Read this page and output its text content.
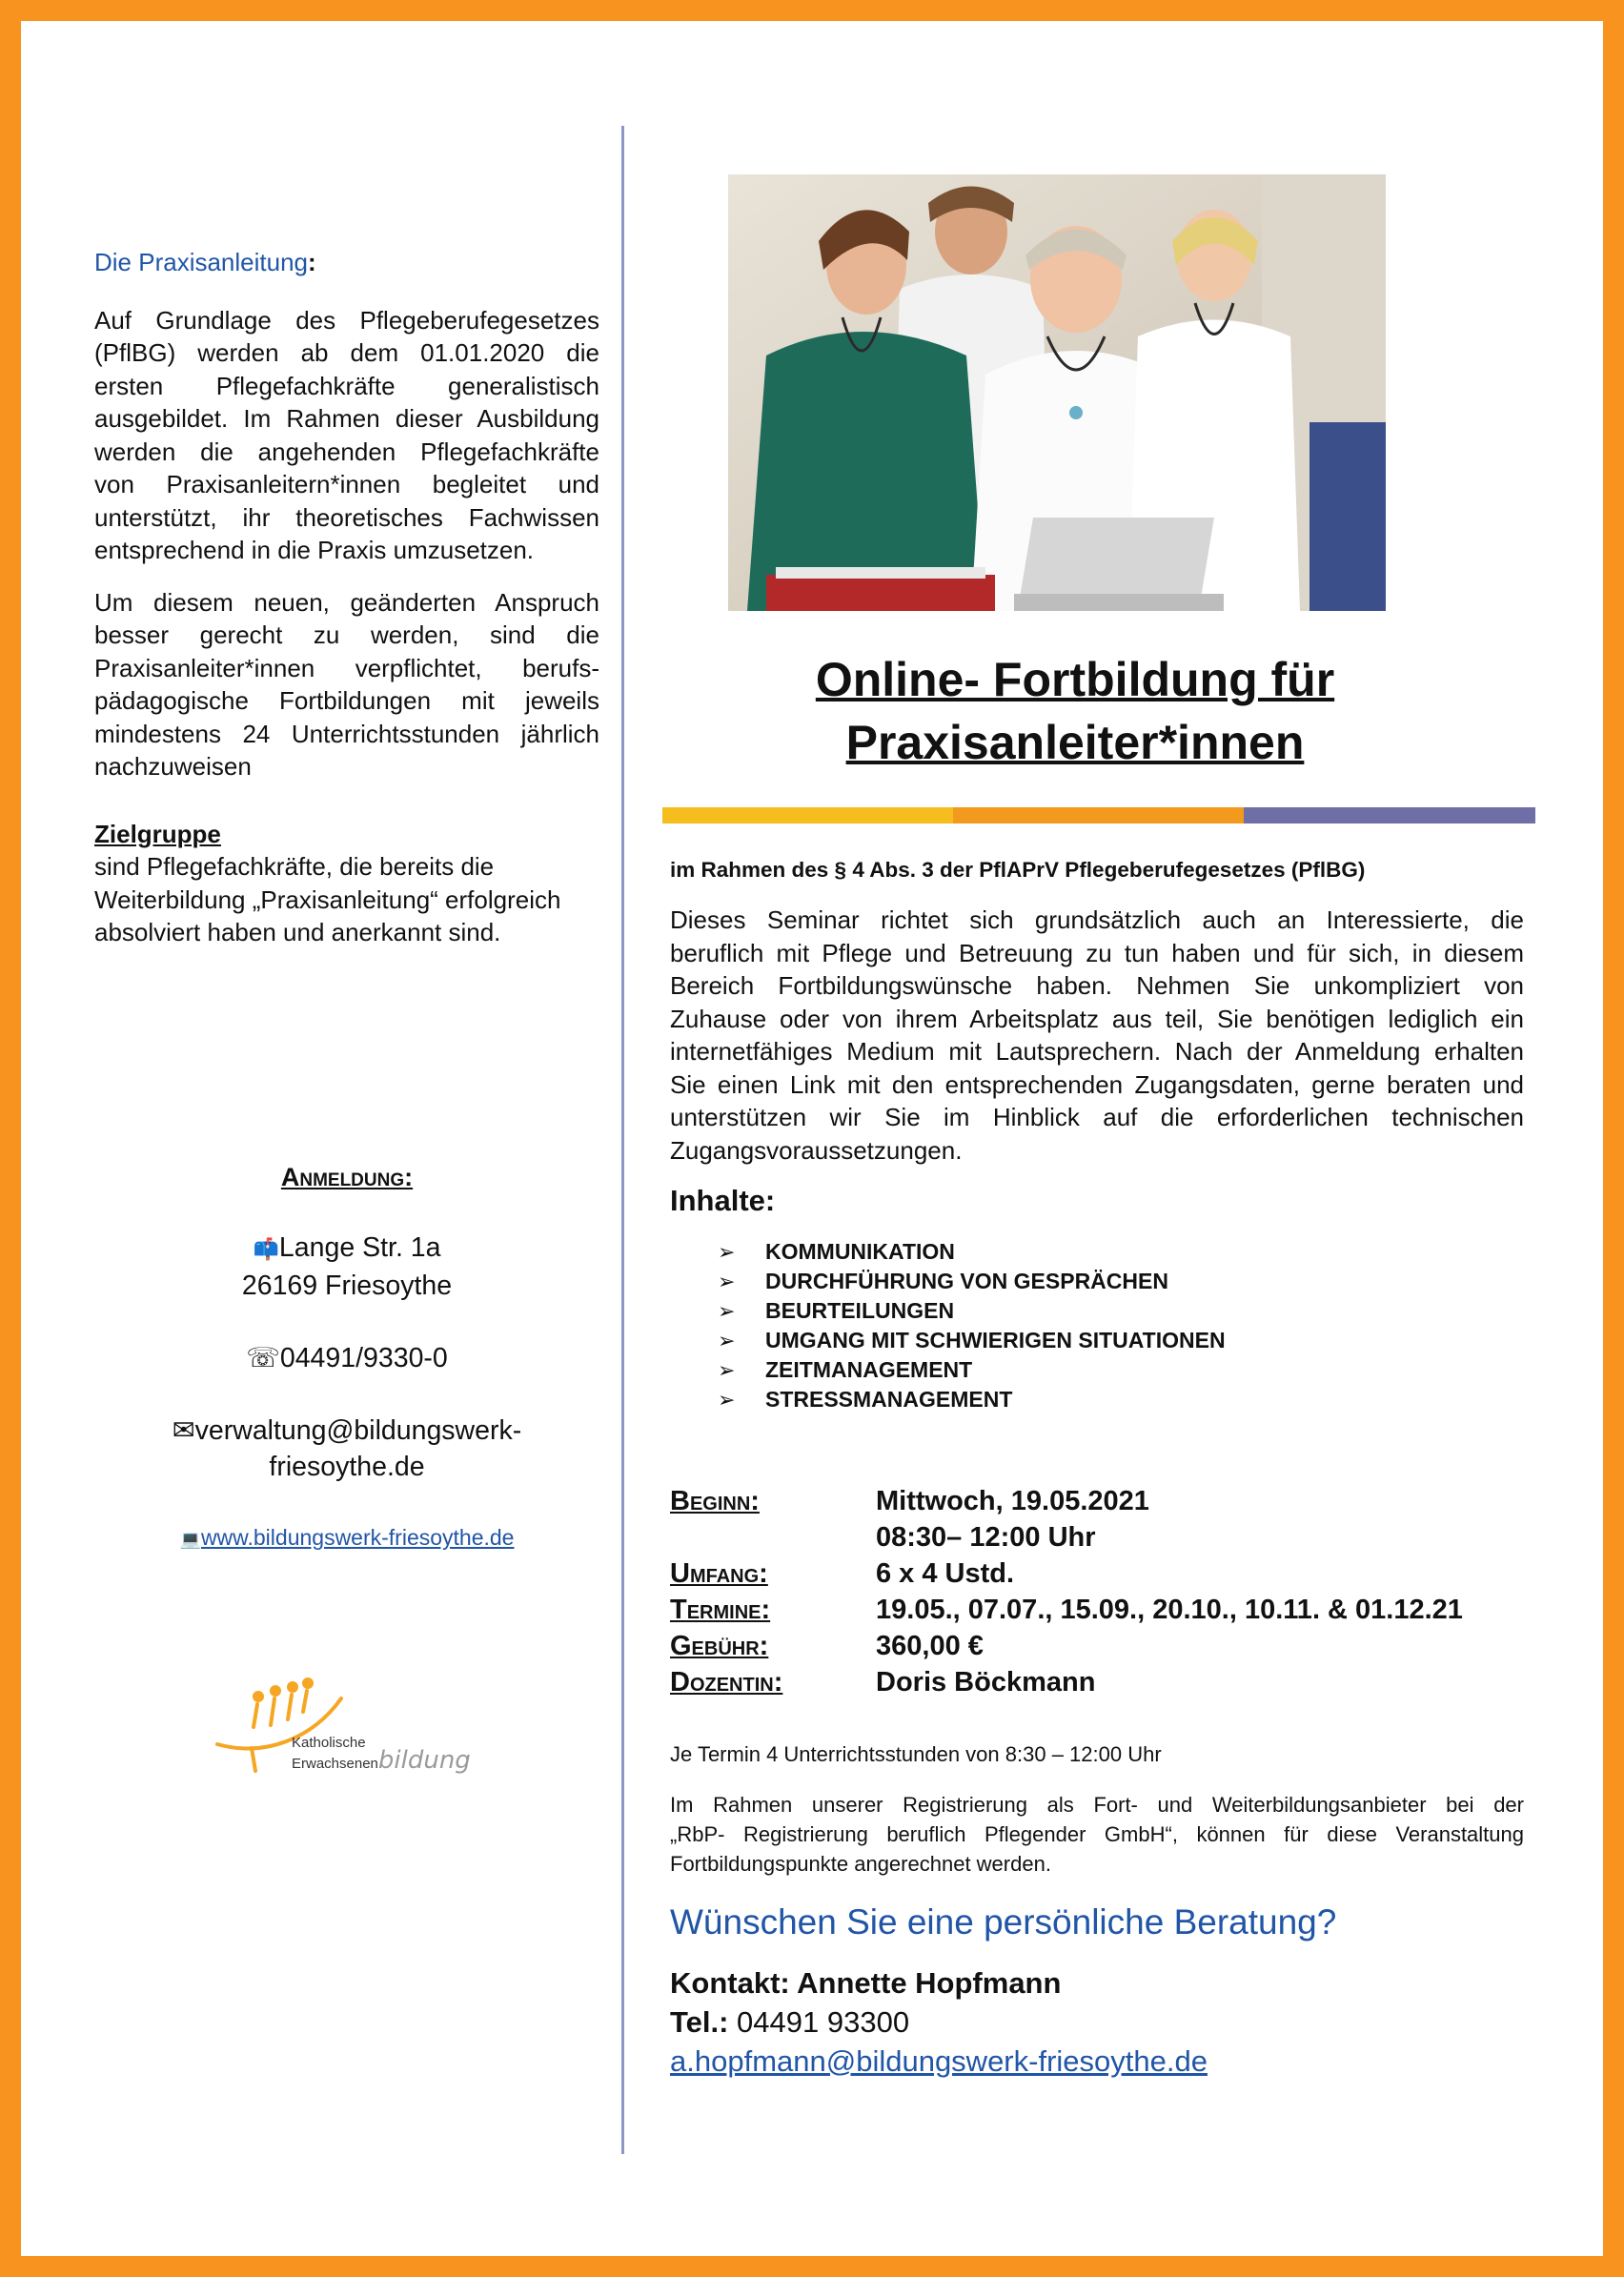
Die Praxisanleitung:

Auf Grundlage des Pflegeberufegesetzes
(PflBG) werden ab dem 01.01.2020 die
ersten Pflegefachkräfte generalistisch
ausgebildet. Im Rahmen dieser Ausbildung
werden die angehenden Pflegefachkräfte
von Praxisanleitern*innen begleitet und
unterstützt, ihr theoretisches Fachwissen
entsprechend in die Praxis umzusetzen.
Um diesem neuen, geänderten Anspruch
besser gerecht zu werden, sind die
Praxisanleiter*innen verpflichtet, berufs-
pädagogische Fortbildungen mit jeweils
mindestens 24 Unterrichtsstunden jährlich
nachzuweisen

Zielgruppe

sind Pflegefachkräfte, die bereits die
Weiterbildung „Praxisanleitung“ erfolgreich
absolviert haben und anerkannt sind.
Anmeldung:
📫Lange Str. 1a
26169 Friesoythe
☏04491/9330-0
✉verwaltung@bildungswerk-
friesoythe.de
💻www.bildungswerk-friesoythe.de
Katholische
Erwachsenenbildung
Online- Fortbildung für
Praxisanleiter*innen
im Rahmen des § 4 Abs. 3 der PflAPrV Pflegeberufegesetzes (PflBG)
Dieses Seminar richtet sich grundsätzlich auch an Interessierte, die
beruflich mit Pflege und Betreuung zu tun haben und für sich, in diesem
Bereich Fortbildungswünsche haben. Nehmen Sie unkompliziert von
Zuhause oder von ihrem Arbeitsplatz aus teil, Sie benötigen lediglich ein
internetfähiges Medium mit Lautsprechern. Nach der Anmeldung erhalten
Sie einen Link mit den entsprechenden Zugangsdaten, gerne beraten und
unterstützen wir Sie im Hinblick auf die erforderlichen technischen
Zugangsvoraussetzungen.
Inhalte:
➢ KOMMUNIKATION
➢ DURCHFÜHRUNG VON GESPRÄCHEN
➢ BEURTEILUNGEN
➢ UMGANG MIT SCHWIERIGEN SITUATIONEN
➢ ZEITMANAGEMENT
➢ STRESSMANAGEMENT
Beginn:	Mittwoch, 19.05.2021
08:30– 12:00 Uhr
Umfang:	6 x 4 Ustd.
Termine:	19.05., 07.07., 15.09., 20.10., 10.11. & 01.12.21
Gebühr:	360,00 €
Dozentin:	Doris Böckmann
Je Termin 4 Unterrichtsstunden von 8:30 – 12:00 Uhr
Im Rahmen unserer Registrierung als Fort- und Weiterbildungsanbieter bei der
„RbP- Registrierung beruflich Pflegender GmbH“, können für diese Veranstaltung
Fortbildungspunkte angerechnet werden.
Wünschen Sie eine persönliche Beratung?
Kontakt: Annette Hopfmann
Tel.: 04491 93300
a.hopfmann@bildungswerk-friesoythe.de
